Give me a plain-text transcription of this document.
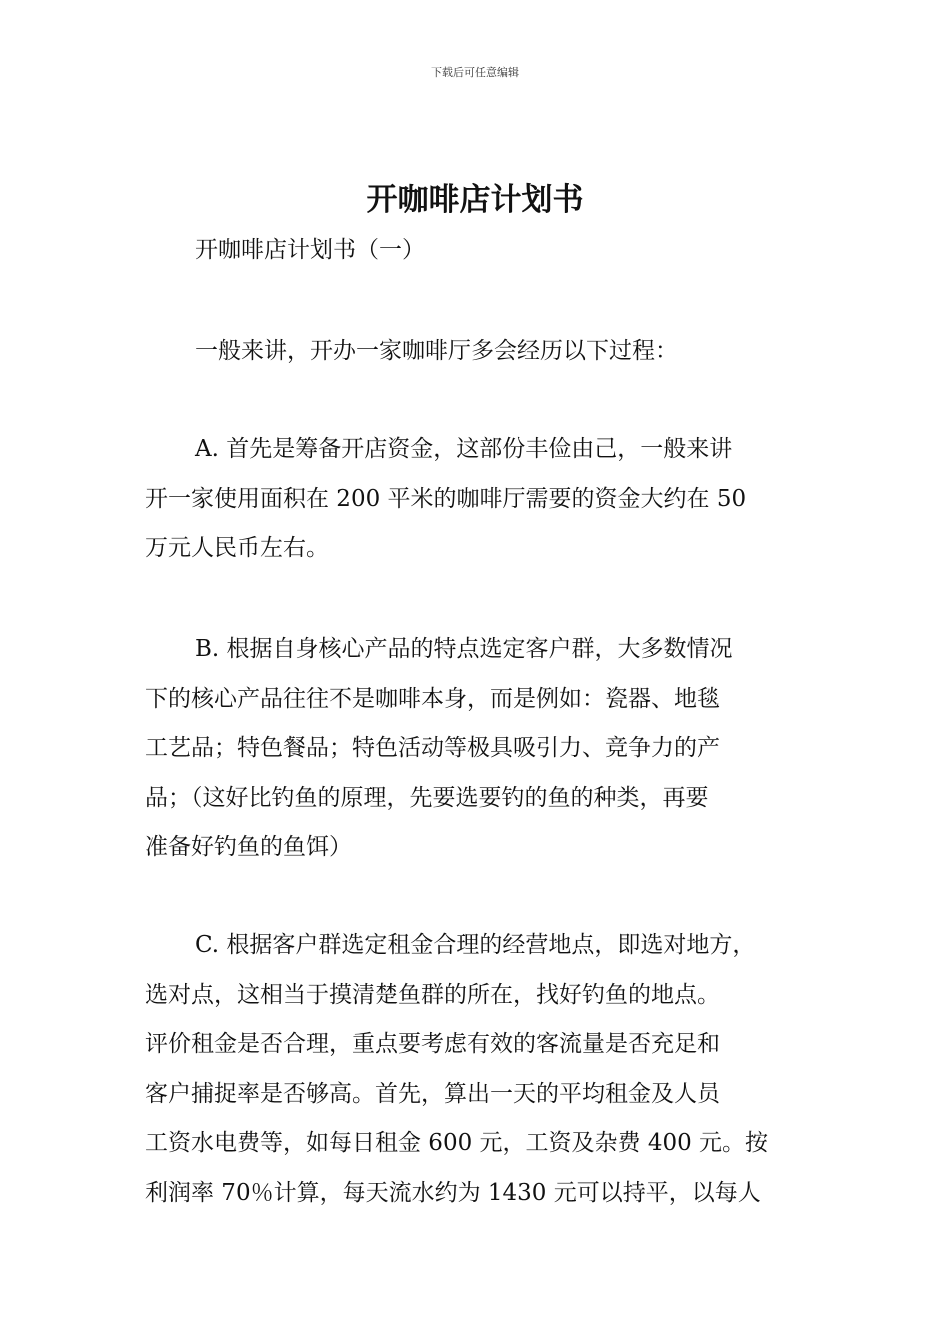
下载后可任意编辑
开咖啡店计划书

开咖啡店计划书（一）

一般来讲，开办一家咖啡厅多会经历以下过程：
A. 首先是筹备开店资金，这部份丰俭由己，一般来讲
开一家使用面积在 200 平米的咖啡厅需要的资金大约在 50
万元人民币左右。
B. 根据自身核心产品的特点选定客户群，大多数情况
下的核心产品往往不是咖啡本身，而是例如：瓷器、地毯
工艺品；特色餐品；特色活动等极具吸引力、竞争力的产
品；（这好比钓鱼的原理，先要选要钓的鱼的种类，再要
准备好钓鱼的鱼饵）
C. 根据客户群选定租金合理的经营地点，即选对地方，
选对点，这相当于摸清楚鱼群的所在，找好钓鱼的地点。
评价租金是否合理，重点要考虑有效的客流量是否充足和
客户捕捉率是否够高。首先，算出一天的平均租金及人员
工资水电费等，如每日租金 600 元，工资及杂费 400 元。按
利润率 70％计算，每天流水约为 1430 元可以持平，以每人
